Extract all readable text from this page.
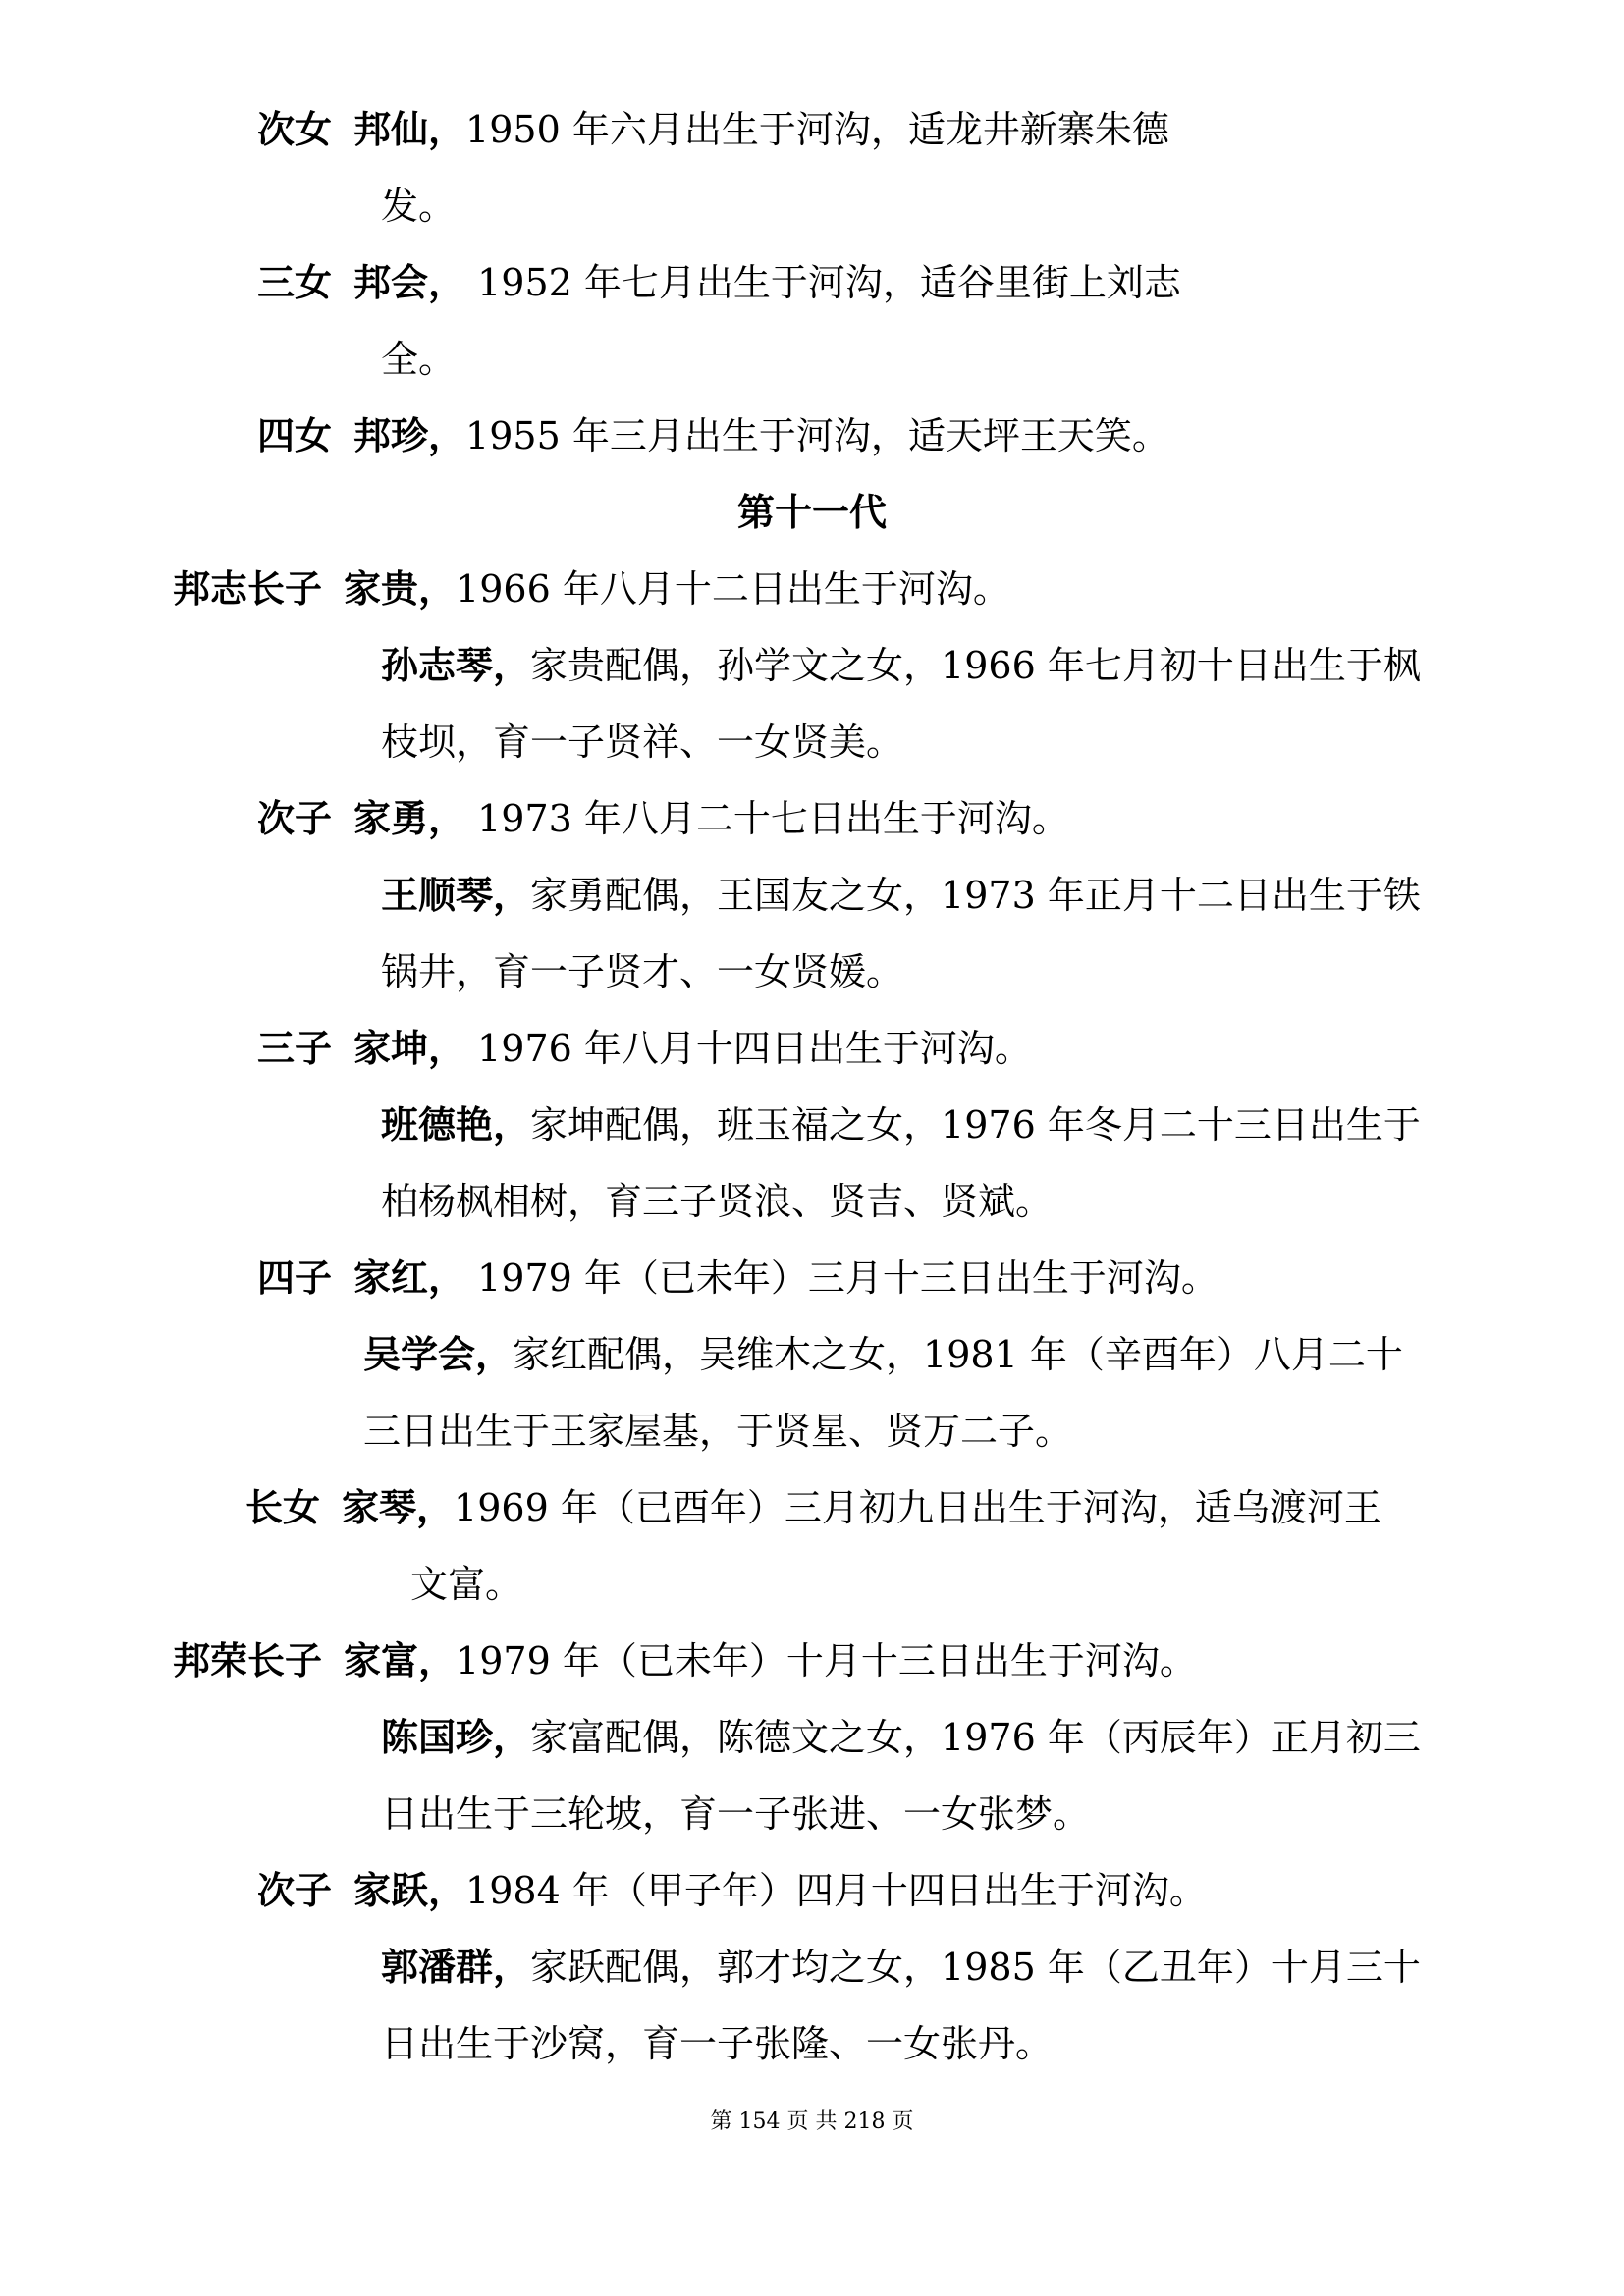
次女 邦仙，1950 年六月出生于河沟，适龙井新寨朱德
发。
三女 邦会， 1952 年七月出生于河沟，适谷里街上刘志
全。
四女 邦珍，1955 年三月出生于河沟，适天坪王天笑。
第十一代
邦志长子 家贵，1966 年八月十二日出生于河沟。
孙志琴，家贵配偶，孙学文之女，1966 年七月初十日出生于枫
枝坝，育一子贤祥、一女贤美。
次子 家勇， 1973 年八月二十七日出生于河沟。
王顺琴，家勇配偶，王国友之女，1973 年正月十二日出生于铁
锅井，育一子贤才、一女贤媛。
三子 家坤， 1976 年八月十四日出生于河沟。
班德艳，家坤配偶，班玉福之女，1976 年冬月二十三日出生于
柏杨枫相树，育三子贤浪、贤吉、贤斌。
四子 家红， 1979 年（已未年）三月十三日出生于河沟。
吴学会，家红配偶，吴维木之女，1981 年（辛酉年）八月二十
三日出生于王家屋基，于贤星、贤万二子。
长女 家琴，1969 年（已酉年）三月初九日出生于河沟，适乌渡河王
文富。
邦荣长子 家富，1979 年（已未年）十月十三日出生于河沟。
陈国珍，家富配偶，陈德文之女，1976 年（丙辰年）正月初三
日出生于三轮坡，育一子张进、一女张梦。
次子 家跃，1984 年（甲子年）四月十四日出生于河沟。
郭潘群，家跃配偶，郭才均之女，1985 年（乙丑年）十月三十
日出生于沙窝，育一子张隆、一女张丹。
第 154 页 共 218 页
